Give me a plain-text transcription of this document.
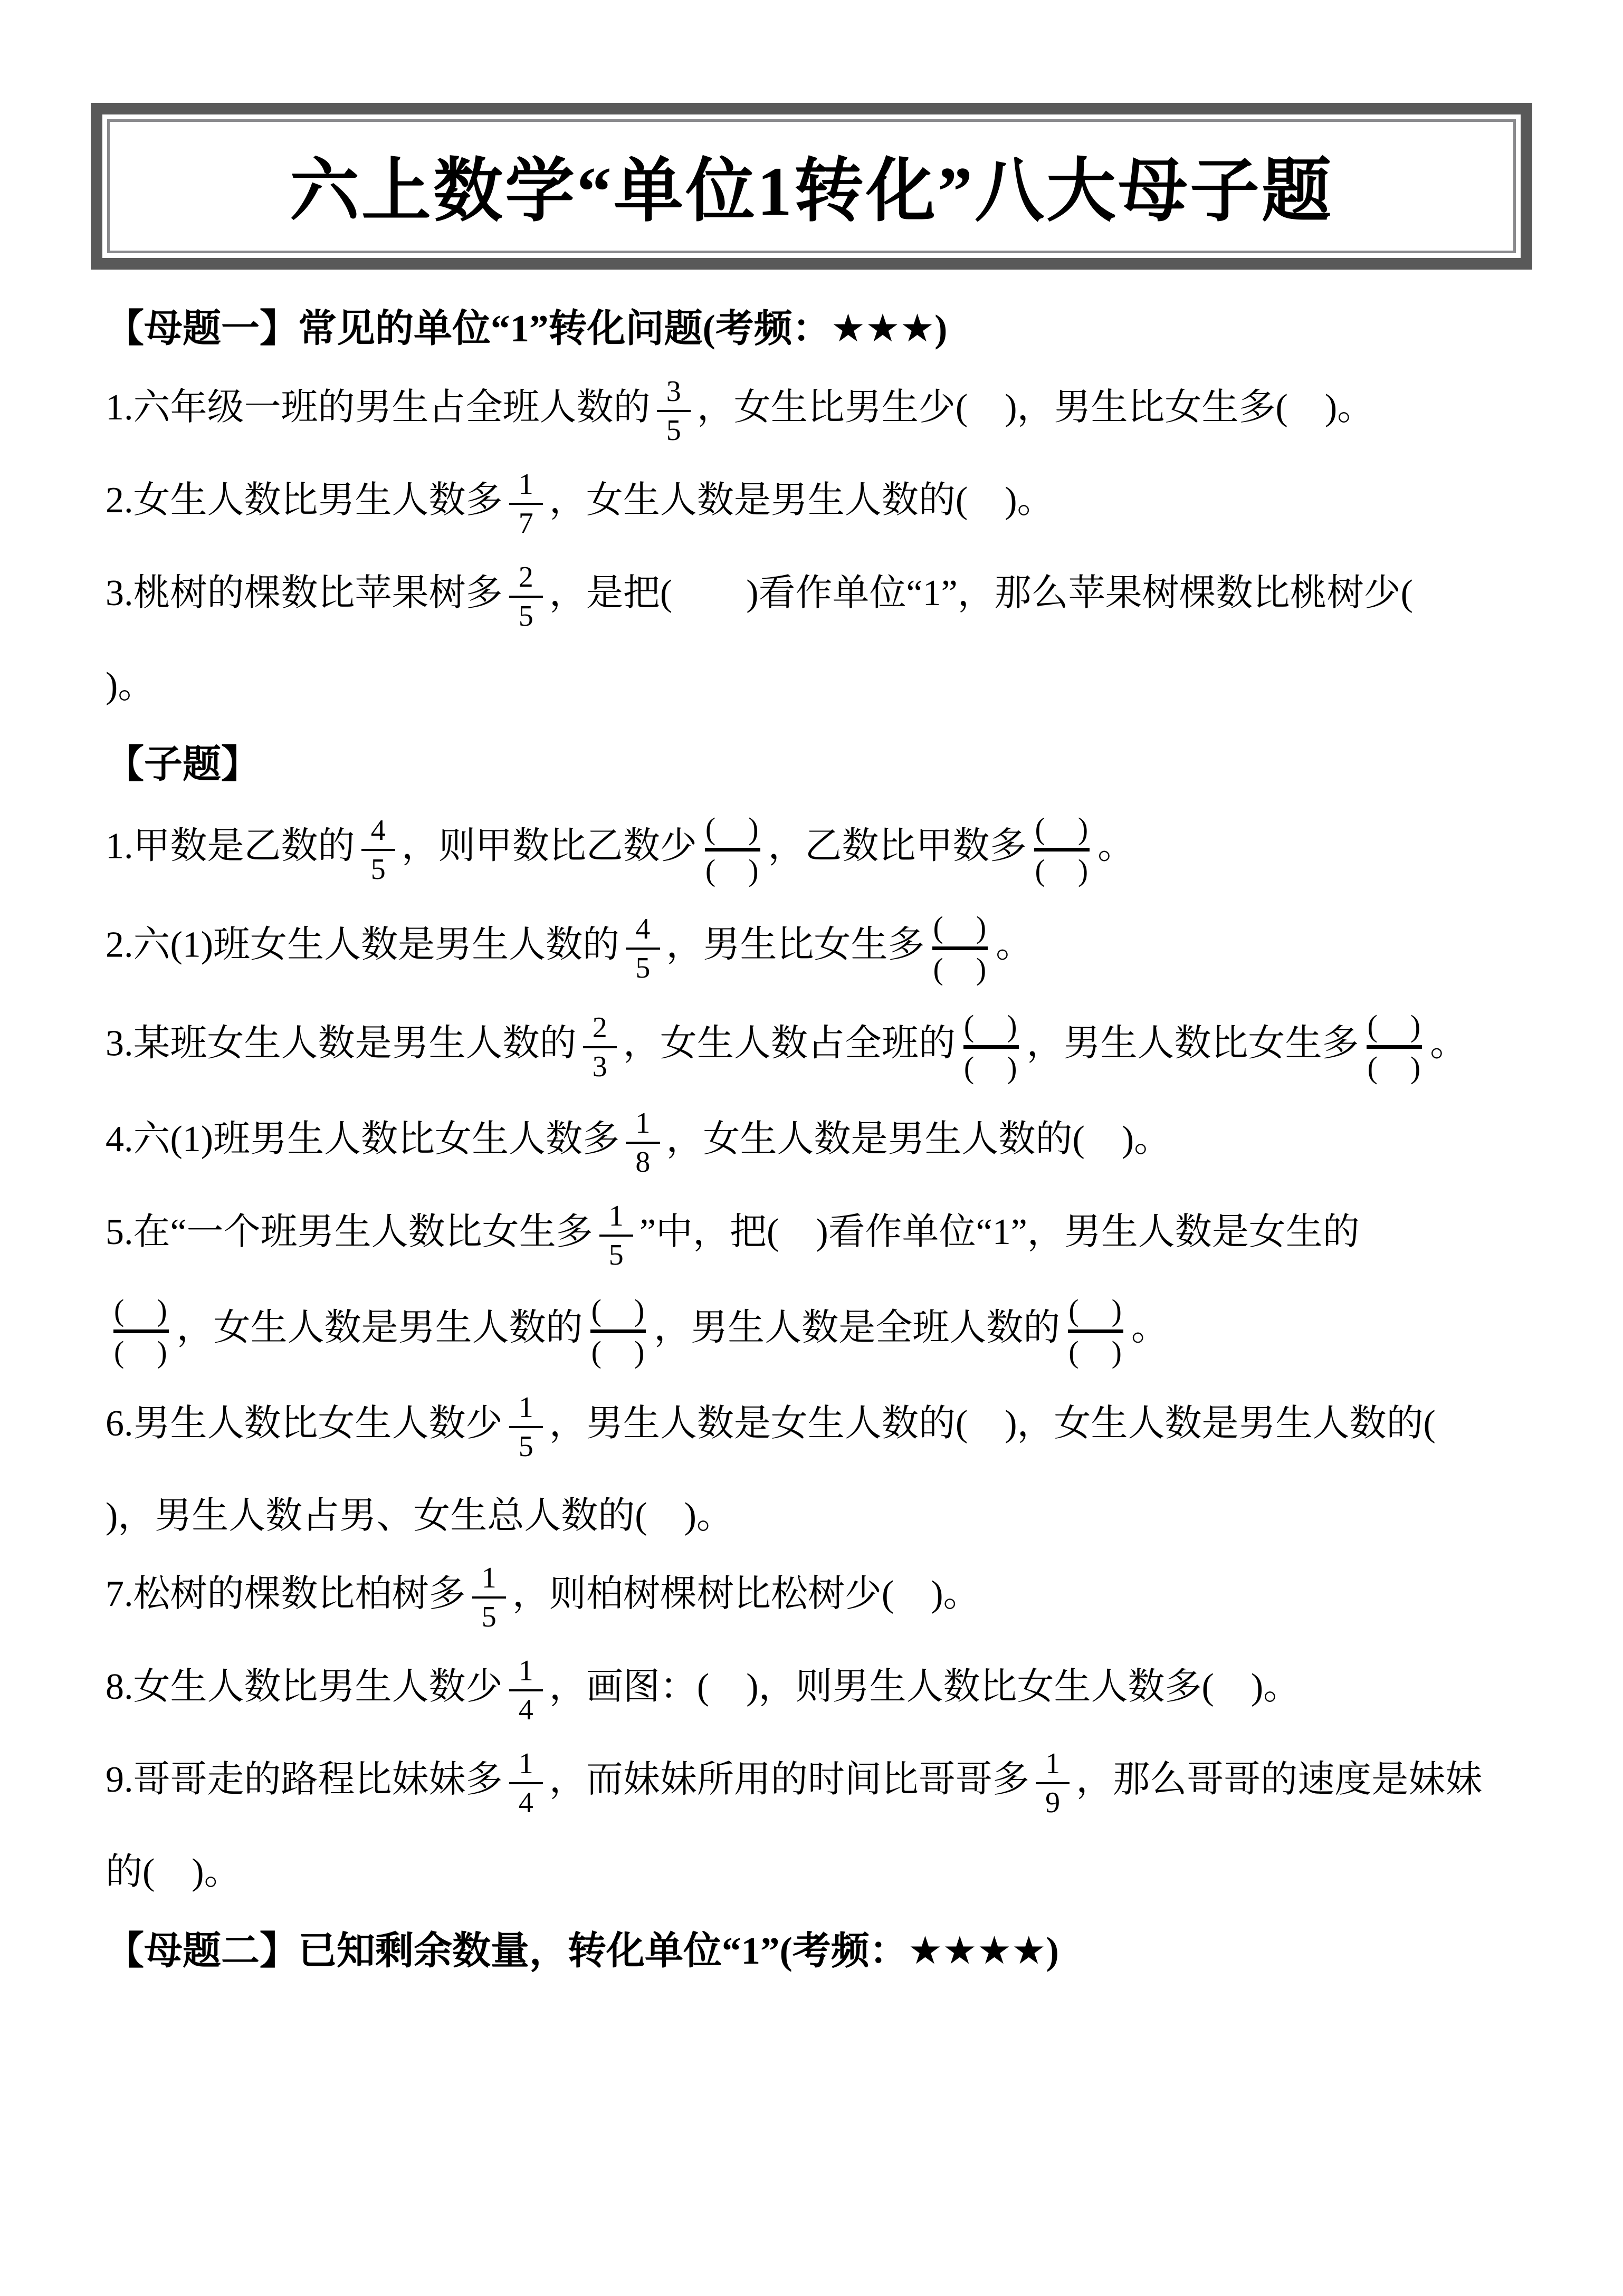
六上数学“单位1转化”八大母子题
【母题一】常见的单位“1”转化问题(考频：★★★)
1.六年级一班的男生占全班人数的 $\frac{3}{5}$ ，女生比男生少(　)，男生比女生多(　)。
2.女生人数比男生人数多 $\frac{1}{7}$ ，女生人数是男生人数的(　)。
3.桃树的棵数比苹果树多 $\frac{2}{5}$ ，是把(　　)看作单位“1”，那么苹果树棵数比桃树少(
)。
【子题】
1.甲数是乙数的 $\frac{4}{5}$ ，则甲数比乙数少 (　)
(　)
，乙数比甲数多 (　)
(　)
。
2.六(1)班女生人数是男生人数的 $\frac{4}{5}$ ，男生比女生多 (　)
(　)
。
3.某班女生人数是男生人数的 $\frac{2}{3}$ ，女生人数占全班的 (　)
(　)
，男生人数比女生多 (　)
(　)
。
4.六(1)班男生人数比女生人数多 $\frac{1}{8}$ ，女生人数是男生人数的(　)。
5.在“一个班男生人数比女生多 $\frac{1}{5}$ ”中，把(　)看作单位“1”，男生人数是女生的
(　)
(　)
，女生人数是男生人数的 (　)
(　)
，男生人数是全班人数的 (　)
(　)
。
6.男生人数比女生人数少 $\frac{1}{5}$ ，男生人数是女生人数的(　)，女生人数是男生人数的(
)，男生人数占男、女生总人数的(　)。
7.松树的棵数比柏树多 $\frac{1}{5}$ ，则柏树棵树比松树少(　)。
8.女生人数比男生人数少 $\frac{1}{4}$ ，画图：(　)，则男生人数比女生人数多(　)。
9.哥哥走的路程比妹妹多 $\frac{1}{4}$ ，而妹妹所用的时间比哥哥多 $\frac{1}{9}$ ，那么哥哥的速度是妹妹
的(　)。
【母题二】已知剩余数量，转化单位“1”(考频：★★★★)
